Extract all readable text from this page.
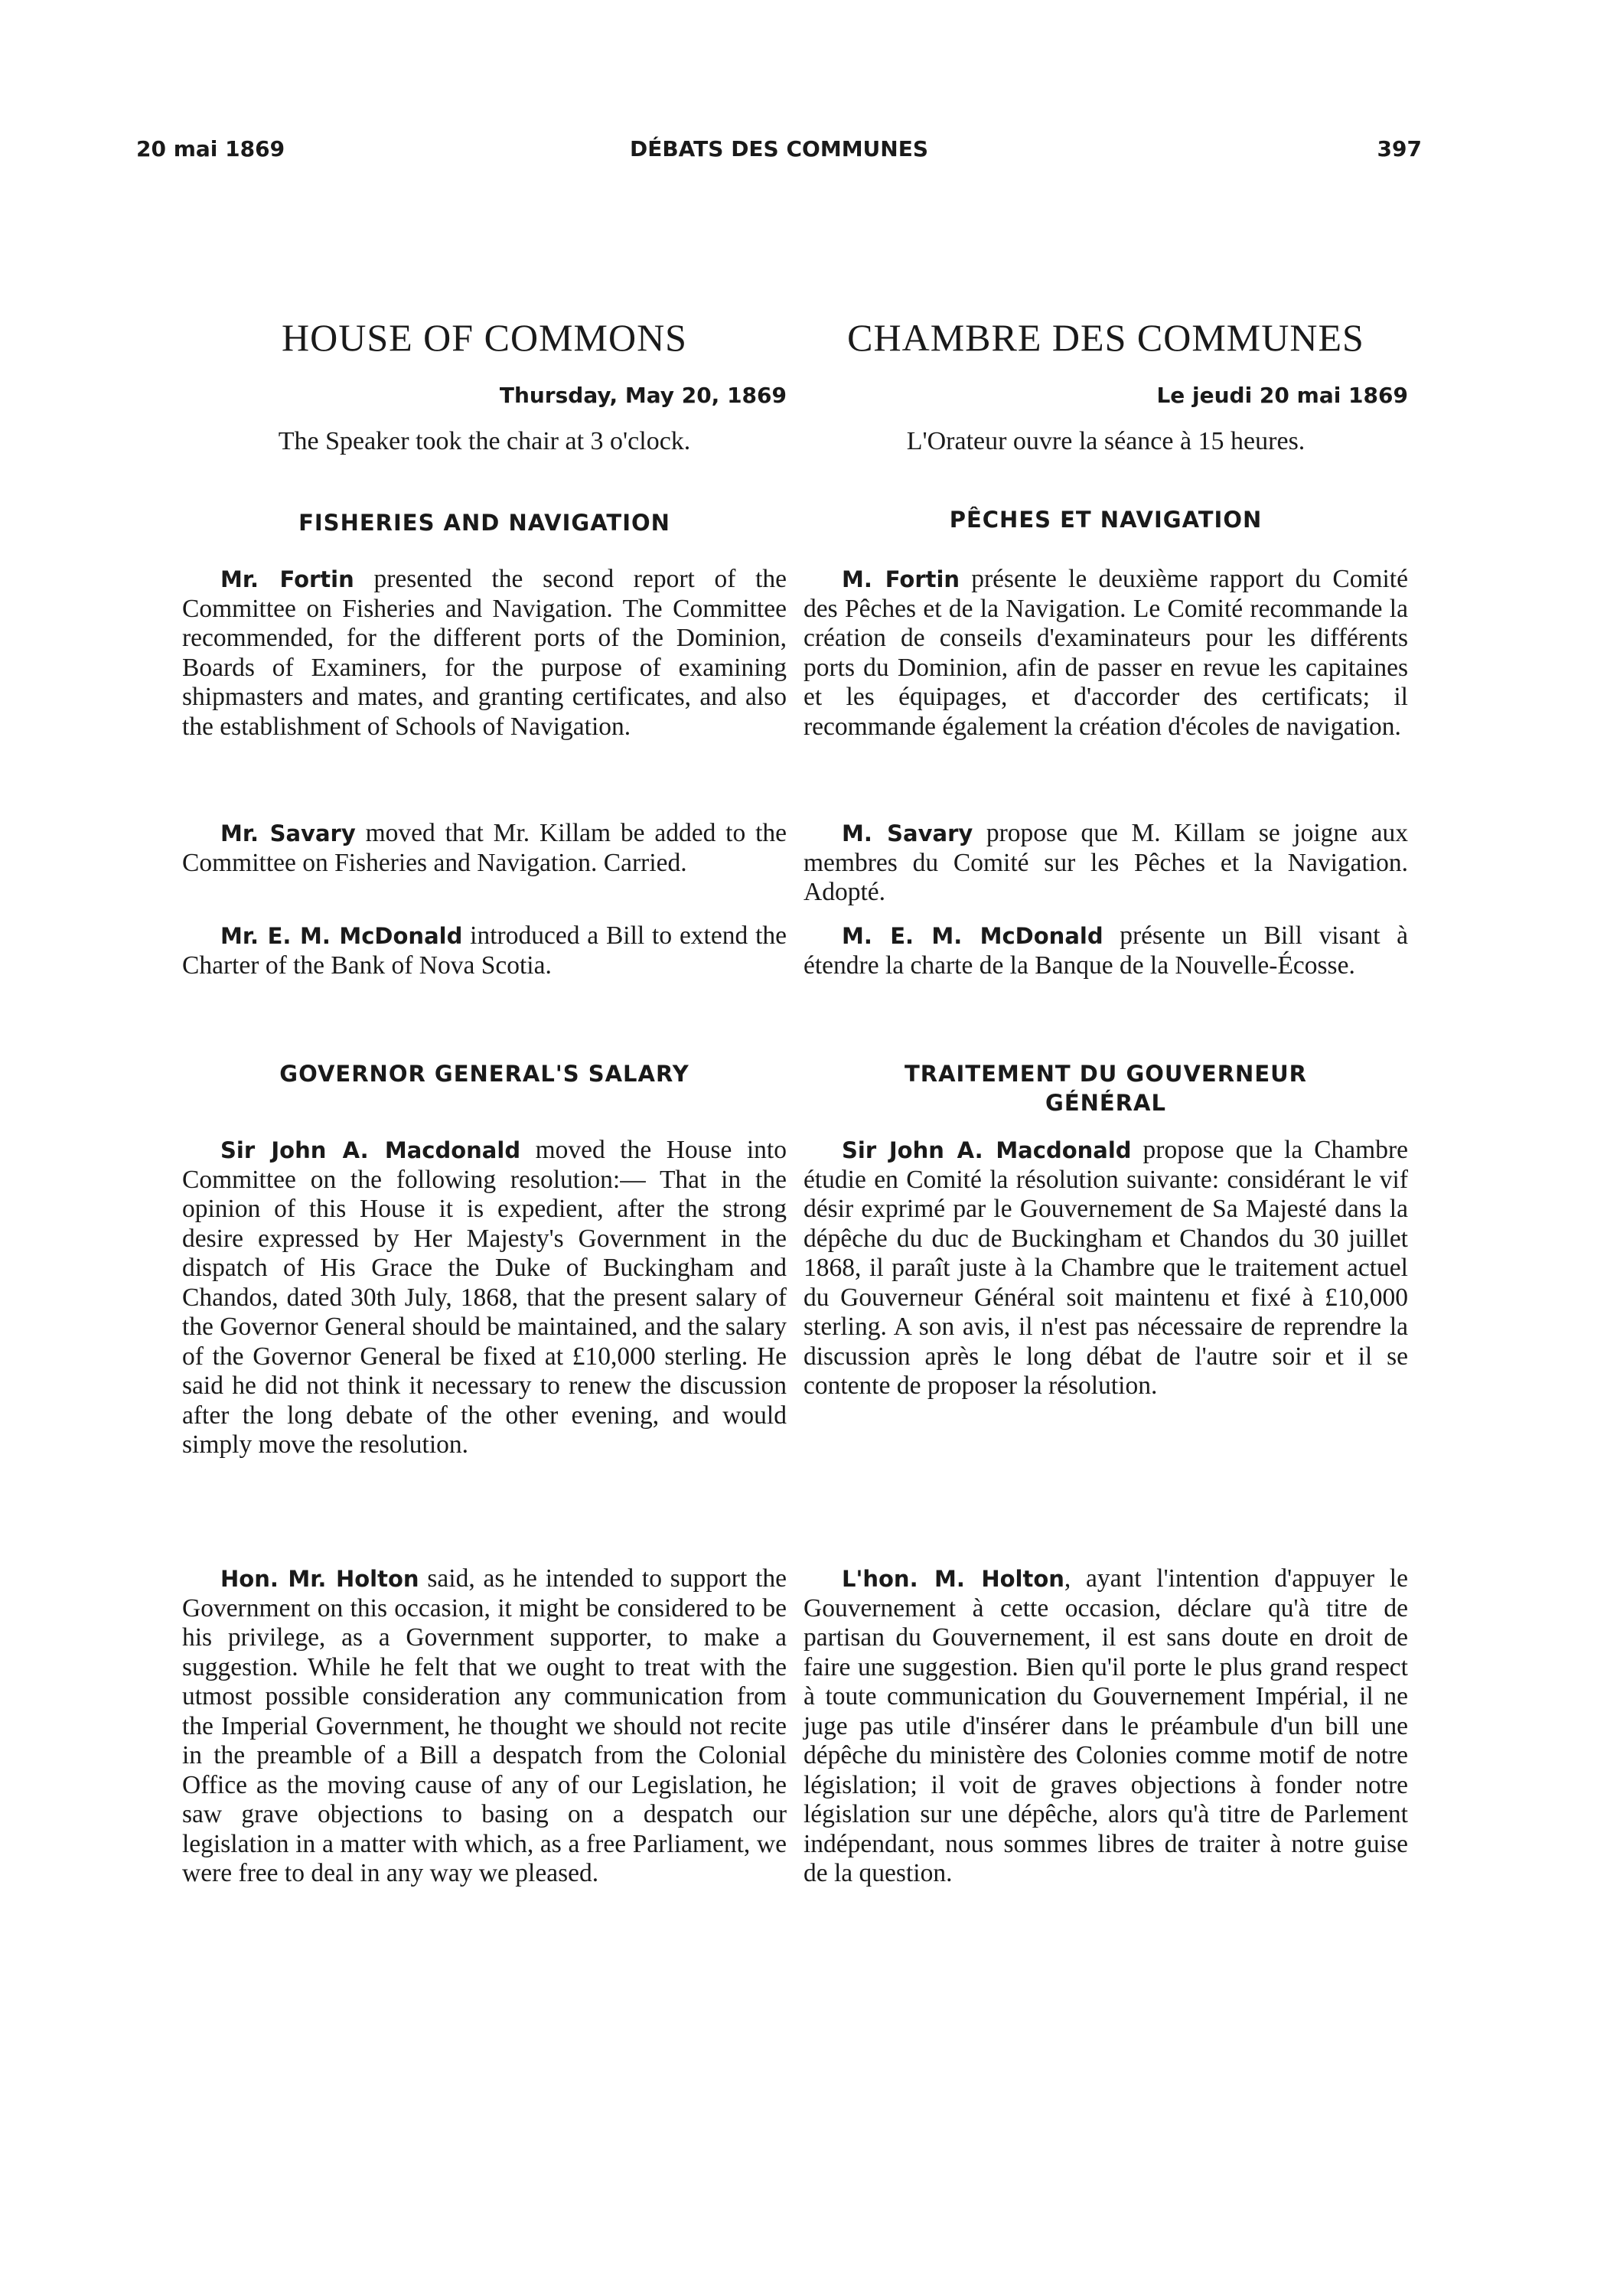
20 mai 1869	DÉBATS DES COMMUNES	397
HOUSE OF COMMONS
Thursday, May 20, 1869
The Speaker took the chair at 3 o'clock.
FISHERIES AND NAVIGATION

Mr. Fortin presented the second report of the Committee on Fisheries and Navigation. The Committee recommended, for the different ports of the Dominion, Boards of Examiners, for the purpose of examining shipmasters and mates, and granting certificates, and also the establishment of Schools of Navigation.

Mr. Savary moved that Mr. Killam be added to the Committee on Fisheries and Navigation. Carried.

Mr. E. M. McDonald introduced a Bill to extend the Charter of the Bank of Nova Scotia.

GOVERNOR GENERAL'S SALARY

Sir John A. Macdonald moved the House into Committee on the following resolution:— That in the opinion of this House it is expedient, after the strong desire expressed by Her Majesty's Government in the dispatch of His Grace the Duke of Buckingham and Chandos, dated 30th July, 1868, that the present salary of the Governor General should be maintained, and the salary of the Governor General be fixed at £10,000 sterling. He said he did not think it necessary to renew the discussion after the long debate of the other evening, and would simply move the resolution.

Hon. Mr. Holton said, as he intended to support the Government on this occasion, it might be considered to be his privilege, as a Government supporter, to make a suggestion. While he felt that we ought to treat with the utmost possible consideration any communication from the Imperial Government, he thought we should not recite in the preamble of a Bill a despatch from the Colonial Office as the moving cause of any of our Legislation, he saw grave objections to basing on a despatch our legislation in a matter with which, as a free Parliament, we were free to deal in any way we pleased.

CHAMBRE DES COMMUNES
Le jeudi 20 mai 1869
L'Orateur ouvre la séance à 15 heures.
PÊCHES ET NAVIGATION

M. Fortin présente le deuxième rapport du Comité des Pêches et de la Navigation. Le Comité recommande la création de conseils d'examinateurs pour les différents ports du Dominion, afin de passer en revue les capitaines et les équipages, et d'accorder des certificats; il recommande également la création d'écoles de navigation.

M. Savary propose que M. Killam se joigne aux membres du Comité sur les Pêches et la Navigation. Adopté.

M. E. M. McDonald présente un Bill visant à étendre la charte de la Banque de la Nouvelle-Écosse.

TRAITEMENT DU GOUVERNEUR GÉNÉRAL

Sir John A. Macdonald propose que la Chambre étudie en Comité la résolution suivante: considérant le vif désir exprimé par le Gouvernement de Sa Majesté dans la dépêche du duc de Buckingham et Chandos du 30 juillet 1868, il paraît juste à la Chambre que le traitement actuel du Gouverneur Général soit maintenu et fixé à £10,000 sterling. A son avis, il n'est pas nécessaire de reprendre la discussion après le long débat de l'autre soir et il se contente de proposer la résolution.

L'hon. M. Holton, ayant l'intention d'appuyer le Gouvernement à cette occasion, déclare qu'à titre de partisan du Gouvernement, il est sans doute en droit de faire une suggestion. Bien qu'il porte le plus grand respect à toute communication du Gouvernement Impérial, il ne juge pas utile d'insérer dans le préambule d'un bill une dépêche du ministère des Colonies comme motif de notre législation; il voit de graves objections à fonder notre législation sur une dépêche, alors qu'à titre de Parlement indépendant, nous sommes libres de traiter à notre guise de la question.
